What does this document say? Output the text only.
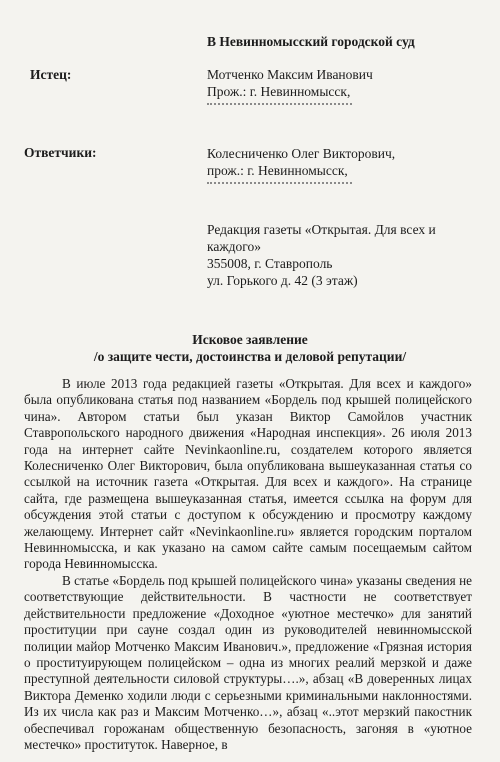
В Невинномысский городской суд
Истец:	Мотченко Максим Иванович
Прож.: г. Невинномысск,
Ответчики:	Колесниченко Олег Викторович,
прож.: г. Невинномысск,
Редакция газеты «Открытая. Для всех и
каждого»
355008, г. Ставрополь
ул. Горького д. 42 (3 этаж)
Исковое заявление
/о защите чести, достоинства и деловой репутации/

В июле 2013 года редакцией газеты «Открытая. Для всех и каждого» была опубликована статья под названием «Бордель под крышей полицейского чина». Автором статьи был указан Виктор Самойлов участник Ставропольского народного движения «Народная инспекция». 26 июля 2013 года на интернет сайте Nevinkaonline.ru, создателем которого является Колесниченко Олег Викторович, была опубликована вышеуказанная статья со ссылкой на источник газета «Открытая. Для всех и каждого». На странице сайта, где размещена вышеуказанная статья, имеется ссылка на форум для обсуждения этой статьи с доступом к обсуждению и просмотру каждому желающему. Интернет сайт «Nevinkaonline.ru» является городским порталом Невинномысска, и как указано на самом сайте самым посещаемым сайтом города Невинномысска.

В статье «Бордель под крышей полицейского чина» указаны сведения не соответствующие действительности. В частности не соответствует действительности предложение «Доходное «уютное местечко» для занятий проституции при сауне создал один из руководителей невинномысской полиции майор Мотченко Максим Иванович.», предложение «Грязная история о проституирующем полицейском – одна из многих реалий мерзкой и даже преступной деятельности силовой структуры….», абзац «В доверенных лицах Виктора Деменко ходили люди с серьезными криминальными наклонностями. Из их числа как раз и Максим Мотченко…», абзац «..этот мерзкий пакостник обеспечивал горожанам общественную безопасность, загоняя в «уютное местечко» проституток. Наверное, в
